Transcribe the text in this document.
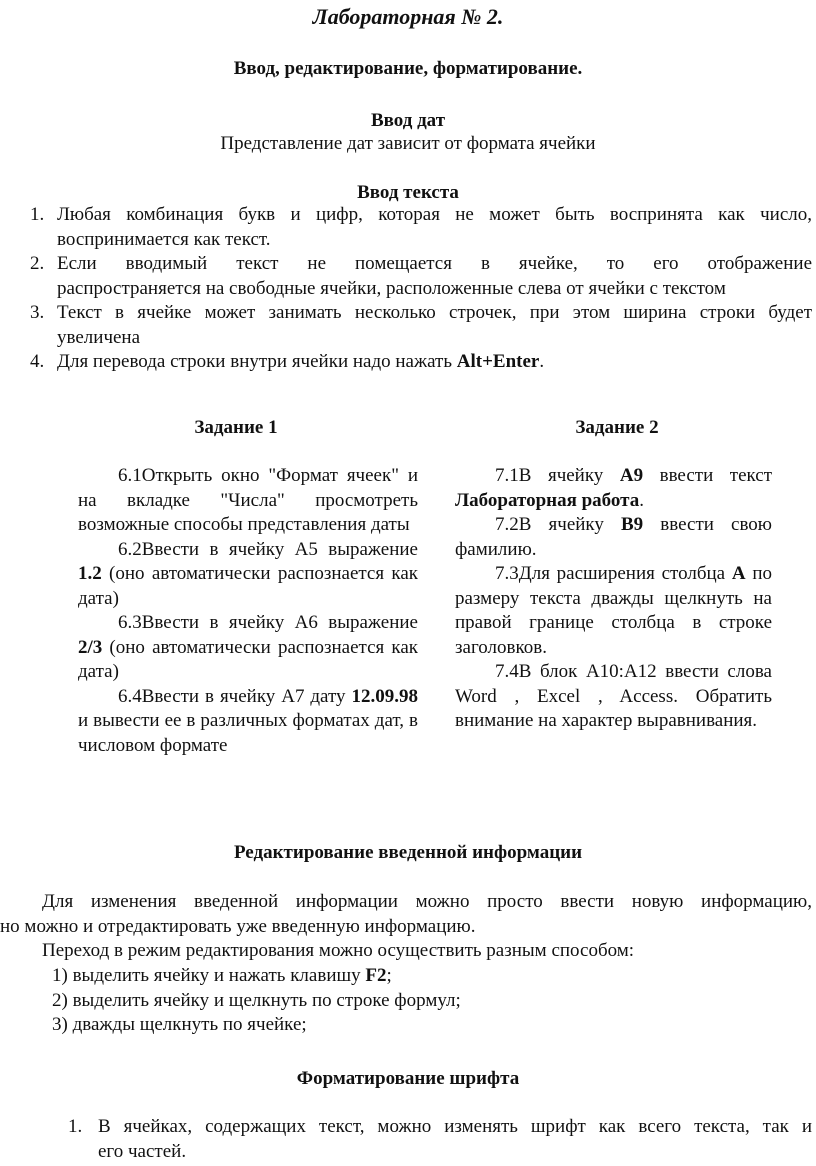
Лабораторная № 2.
Ввод, редактирование, форматирование.
Ввод дат
Представление дат зависит от формата ячейки
Ввод текста
1. Любая комбинация букв и цифр, которая не может быть воспринята как число,
воспринимается как текст.
2. Если вводимый текст не помещается в ячейке, то его отображение
распространяется на свободные ячейки, расположенные слева от ячейки с текстом
3. Текст в ячейке может занимать несколько строчек, при этом ширина строки будет
увеличена
4. Для перевода строки внутри ячейки надо нажать Alt+Enter.
Задание 1	Задание 2

6.1Открыть окно "Формат ячеек" и на вкладке "Числа" просмотреть возможные способы представления даты

6.2Ввести в ячейку А5 выражение 1.2 (оно автоматически распознается как дата)

6.3Ввести в ячейку А6 выражение 2/3 (оно автоматически распознается как дата)

6.4Ввести в ячейку А7 дату 12.09.98 и вывести ее в различных форматах дат, в числовом формате

7.1В ячейку А9 ввести текст Лабораторная работа.

7.2В ячейку В9 ввести свою фамилию.

7.3Для расширения столбца А по размеру текста дважды щелкнуть на правой границе столбца в строке заголовков.

7.4В блок А10:А12 ввести слова Word , Excel , Access. Обратить внимание на характер выравнивания.

Редактирование введенной информации
Для изменения введенной информации можно просто ввести новую информацию,
но можно и отредактировать уже введенную информацию.
Переход в режим редактирования можно осуществить разным способом:
1) выделить ячейку и нажать клавишу F2;
2) выделить ячейку и щелкнуть по строке формул;
3) дважды щелкнуть по ячейке;
Форматирование шрифта
1. В ячейках, содержащих текст, можно изменять шрифт как всего текста, так и
его частей.
